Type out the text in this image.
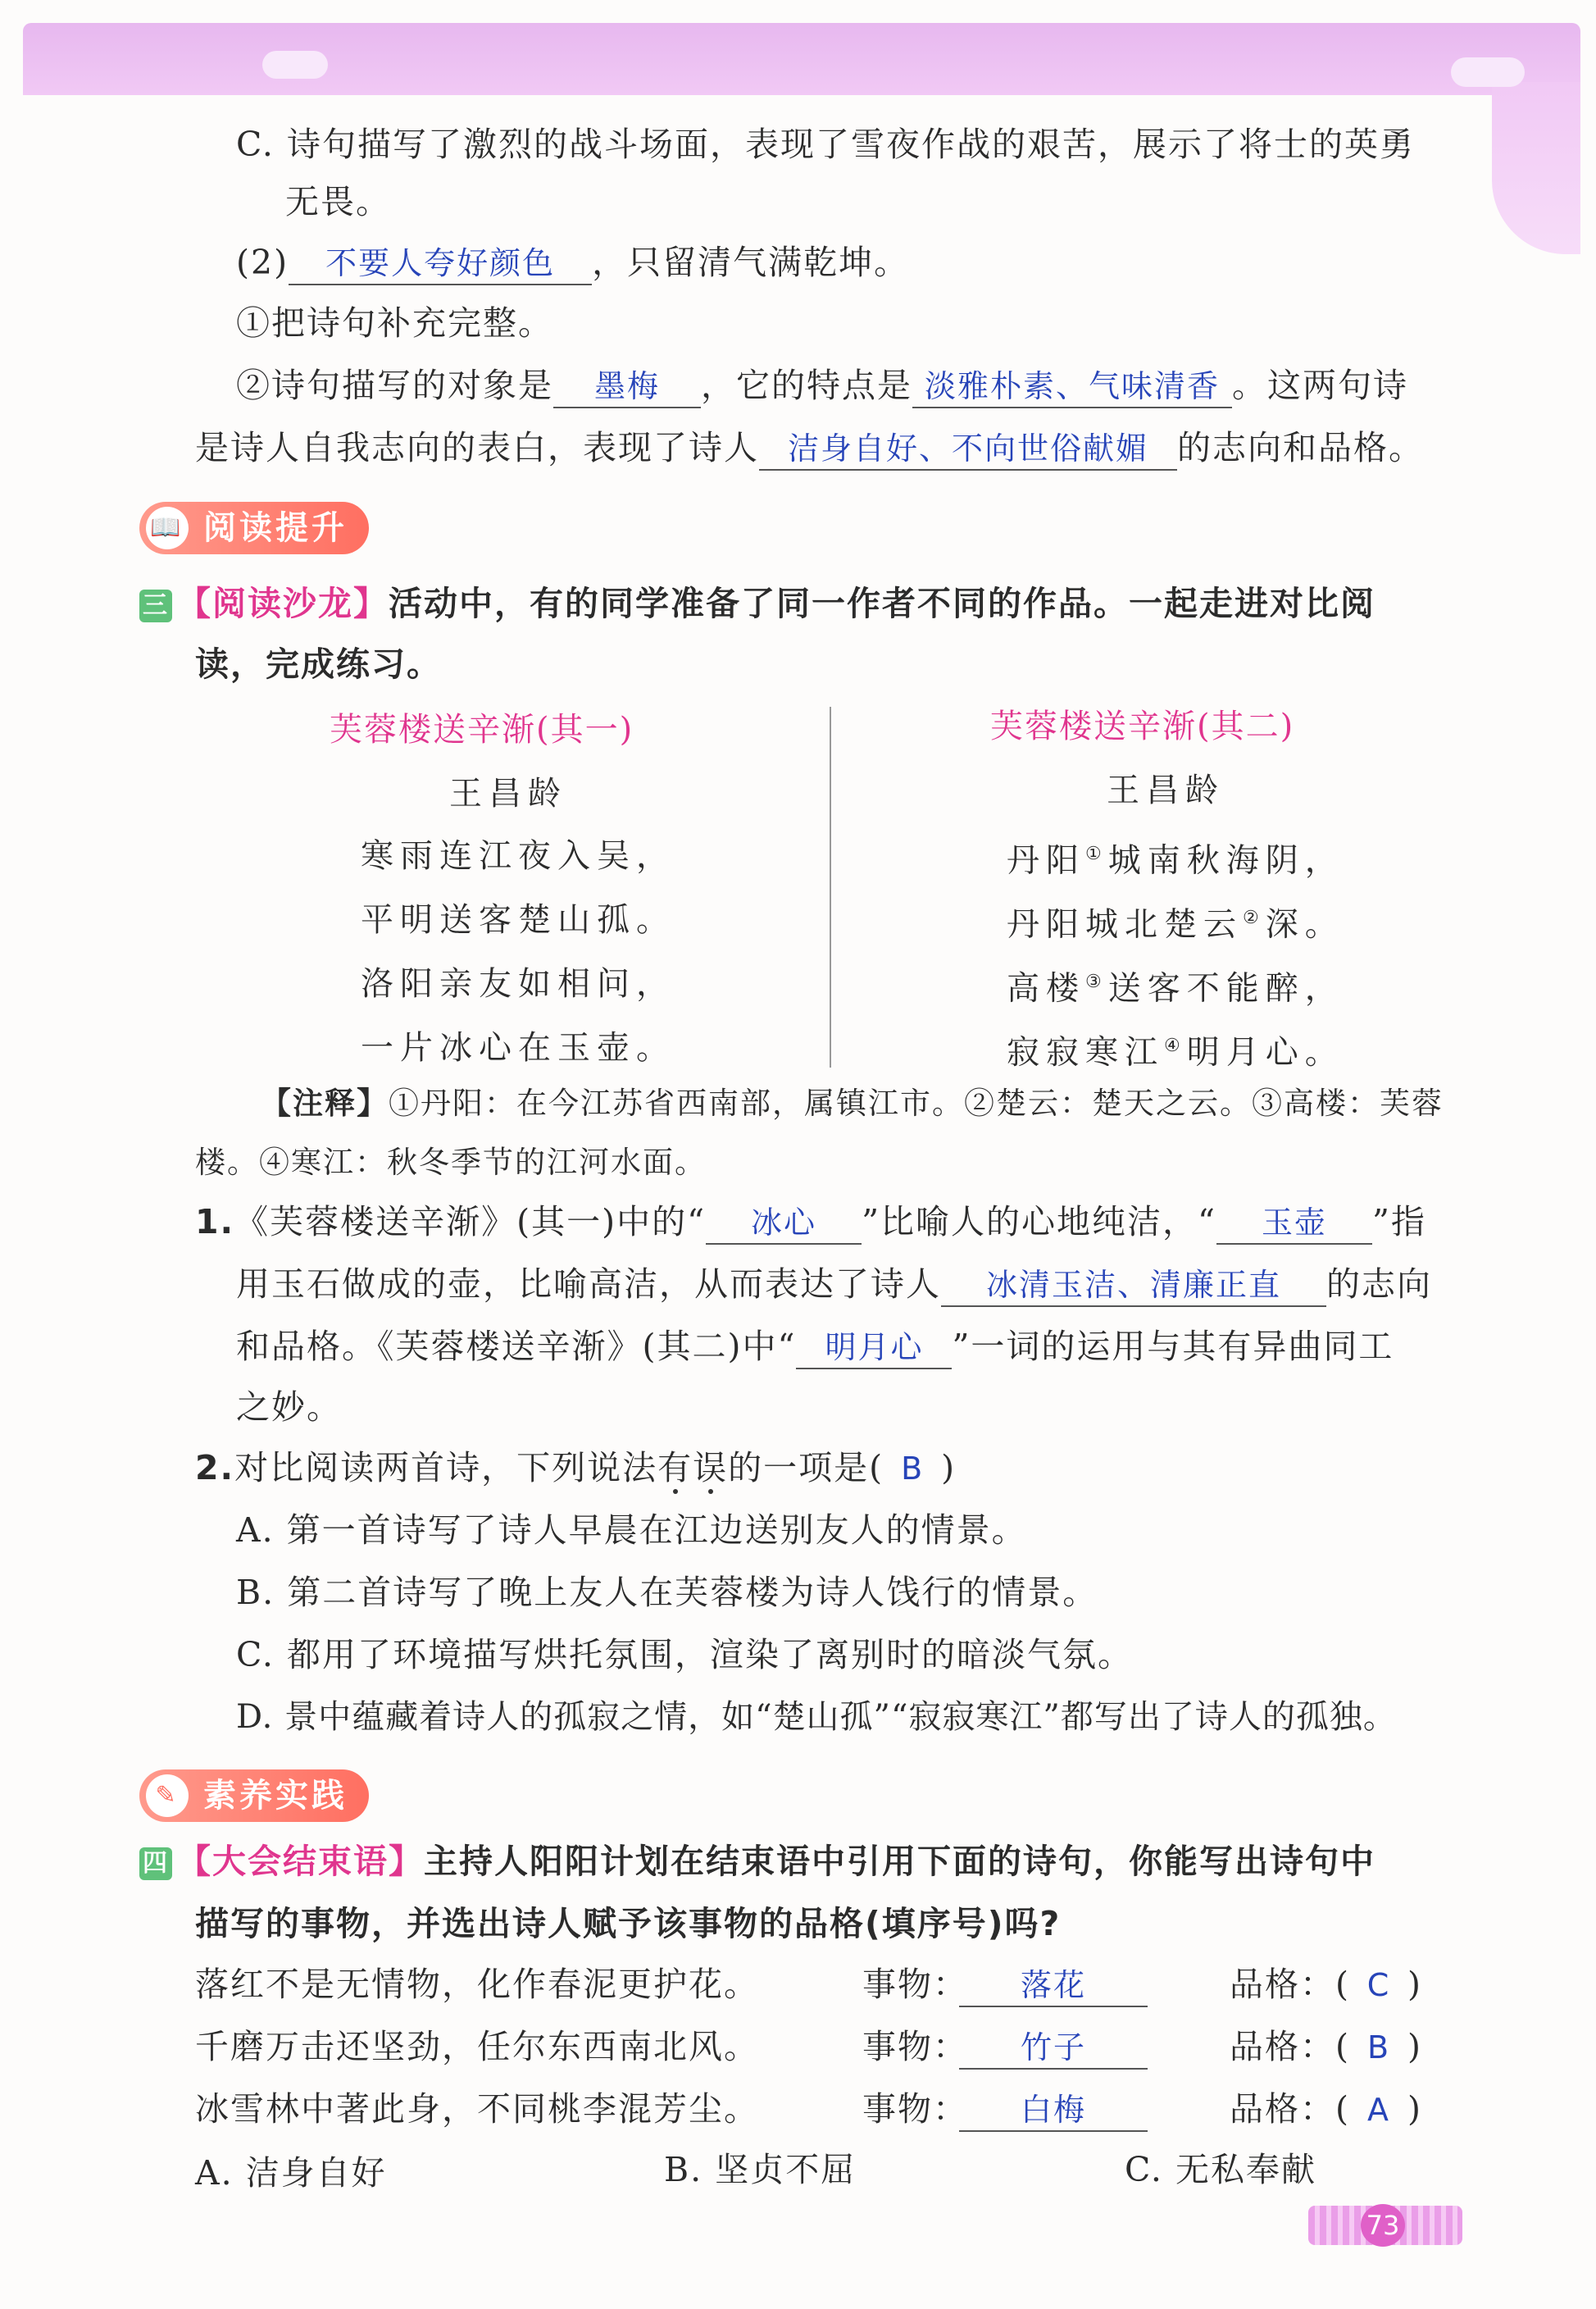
C. 诗句描写了激烈的战斗场面，表现了雪夜作战的艰苦，展示了将士的英勇
无畏。
(2) 不要人夸好颜色 ，只留清气满乾坤。
①把诗句补充完整。
②诗句描写的对象是 墨梅 ，它的特点是 淡雅朴素、气味清香 。这两句诗
是诗人自我志向的表白，表现了诗人 洁身自好、不向世俗献媚 的志向和品格。
📖 阅读提升
三 【阅读沙龙】活动中，有的同学准备了同一作者不同的作品。一起走进对比阅
读，完成练习。
芙蓉楼送辛渐(其一)
王昌龄
寒雨连江夜入吴，
平明送客楚山孤。
洛阳亲友如相问，
一片冰心在玉壶。
芙蓉楼送辛渐(其二)
王昌龄
丹阳①城南秋海阴，
丹阳城北楚云②深。
高楼③送客不能醉，
寂寂寒江④明月心。
【注释】①丹阳：在今江苏省西南部，属镇江市。②楚云：楚天之云。③高楼：芙蓉
楼。④寒江：秋冬季节的江河水面。
1.《芙蓉楼送辛渐》(其一)中的“ 冰心 ”比喻人的心地纯洁，“ 玉壶 ”指
用玉石做成的壶，比喻高洁，从而表达了诗人 冰清玉洁、清廉正直 的志向
和品格。《芙蓉楼送辛渐》(其二)中“ 明月心 ”一词的运用与其有异曲同工
之妙。
2.对比阅读两首诗，下列说法有误的一项是( B )
A. 第一首诗写了诗人早晨在江边送别友人的情景。
B. 第二首诗写了晚上友人在芙蓉楼为诗人饯行的情景。
C. 都用了环境描写烘托氛围，渲染了离别时的暗淡气氛。
D. 景中蕴藏着诗人的孤寂之情，如“楚山孤”“寂寂寒江”都写出了诗人的孤独。
✎ 素养实践
四 【大会结束语】主持人阳阳计划在结束语中引用下面的诗句，你能写出诗句中
描写的事物，并选出诗人赋予该事物的品格(填序号)吗?
落红不是无情物，化作春泥更护花。	事物：	落花	品格：( C )
千磨万击还坚劲，任尔东西南北风。	事物：	竹子	品格：( B )
冰雪林中著此身，不同桃李混芳尘。	事物：	白梅	品格：( A )
A. 洁身自好	B. 坚贞不屈	C. 无私奉献
73
